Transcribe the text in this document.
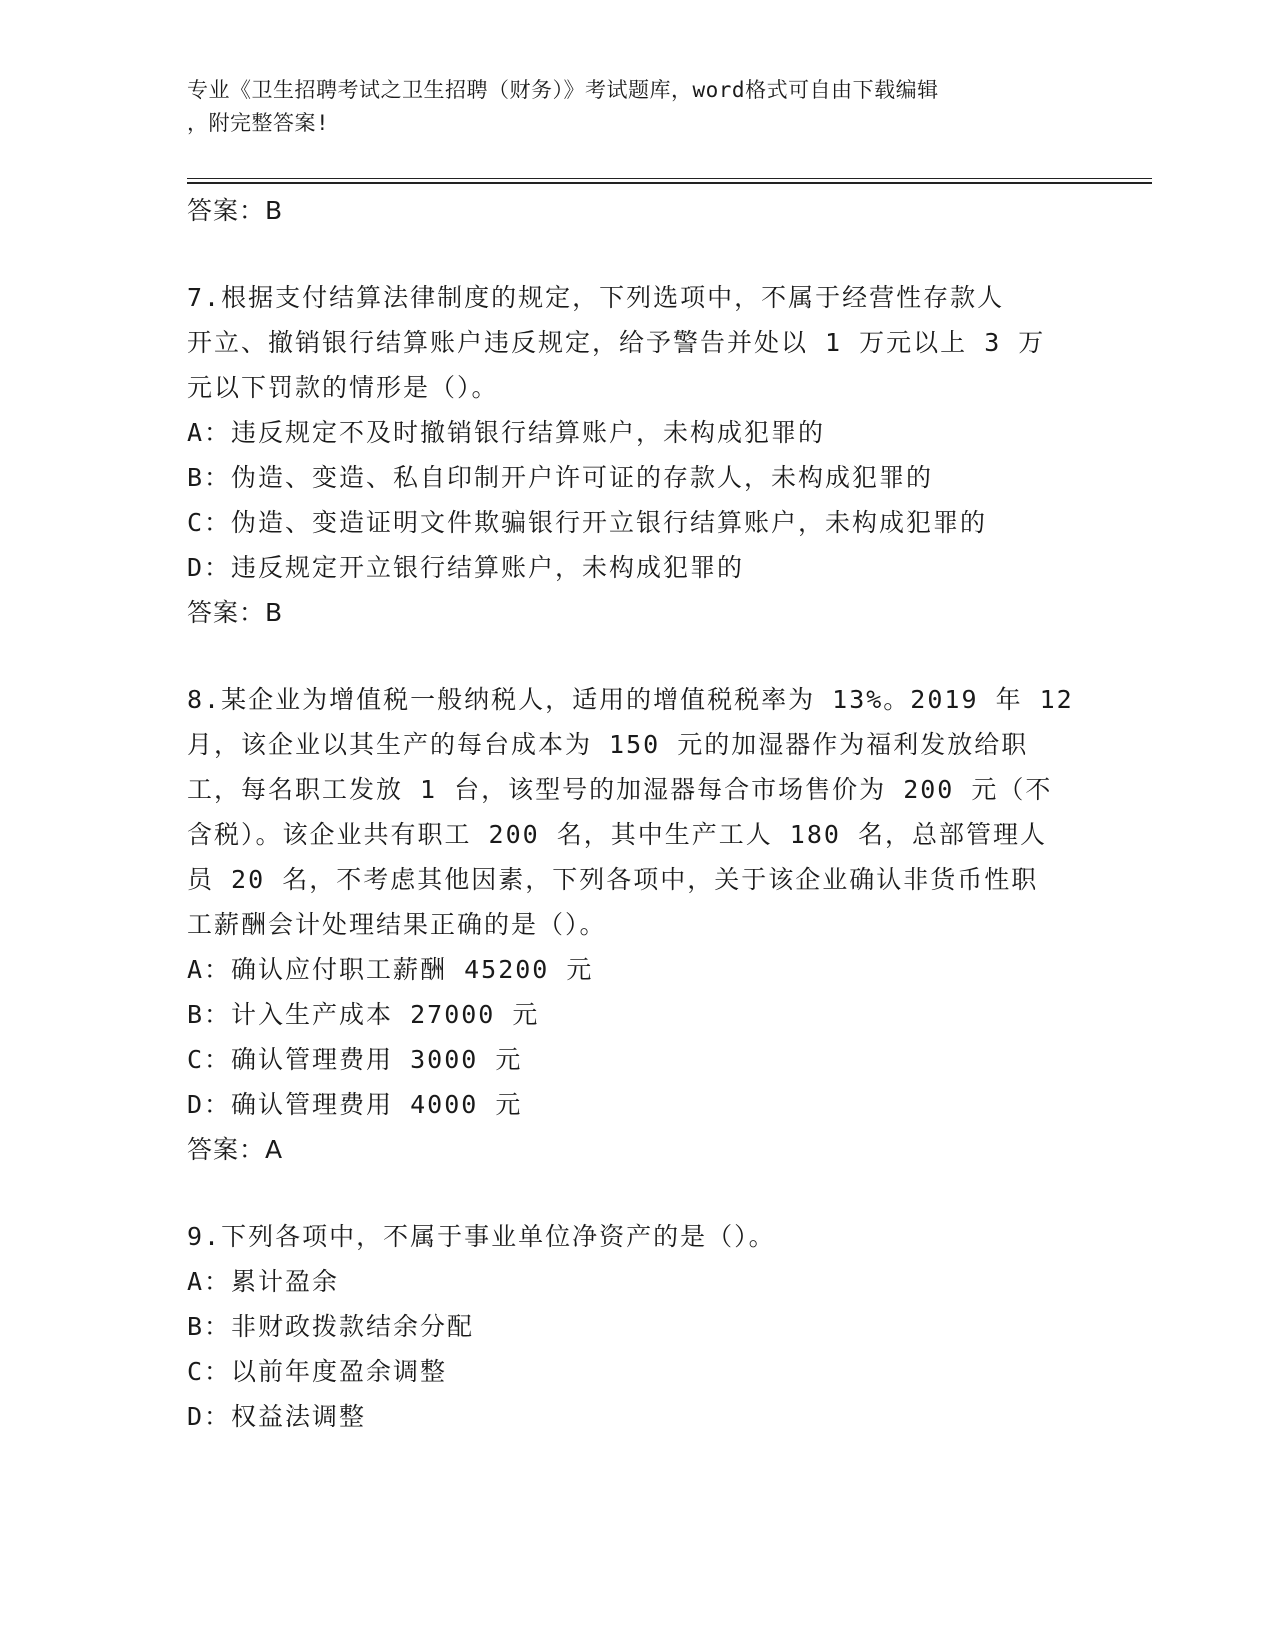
专业《卫生招聘考试之卫生招聘（财务）》考试题库，word格式可自由下载编辑
，附完整答案!
答案：B
7.根据支付结算法律制度的规定，下列选项中，不属于经营性存款人
开立、撤销银行结算账户违反规定，给予警告并处以 1 万元以上 3 万
元以下罚款的情形是（）。
A：违反规定不及时撤销银行结算账户，未构成犯罪的
B：伪造、变造、私自印制开户许可证的存款人，未构成犯罪的
C：伪造、变造证明文件欺骗银行开立银行结算账户，未构成犯罪的
D：违反规定开立银行结算账户，未构成犯罪的
答案：B
8.某企业为增值税一般纳税人，适用的增值税税率为 13%。2019 年 12
月，该企业以其生产的每台成本为 150 元的加湿器作为福利发放给职
工，每名职工发放 1 台，该型号的加湿器每合市场售价为 200 元（不
含税）。该企业共有职工 200 名，其中生产工人 180 名，总部管理人
员 20 名，不考虑其他因素，下列各项中，关于该企业确认非货币性职
工薪酬会计处理结果正确的是（）。
A：确认应付职工薪酬 45200 元
B：计入生产成本 27000 元
C：确认管理费用 3000 元
D：确认管理费用 4000 元
答案：A
9.下列各项中，不属于事业单位净资产的是（）。
A：累计盈余
B：非财政拨款结余分配
C：以前年度盈余调整
D：权益法调整
